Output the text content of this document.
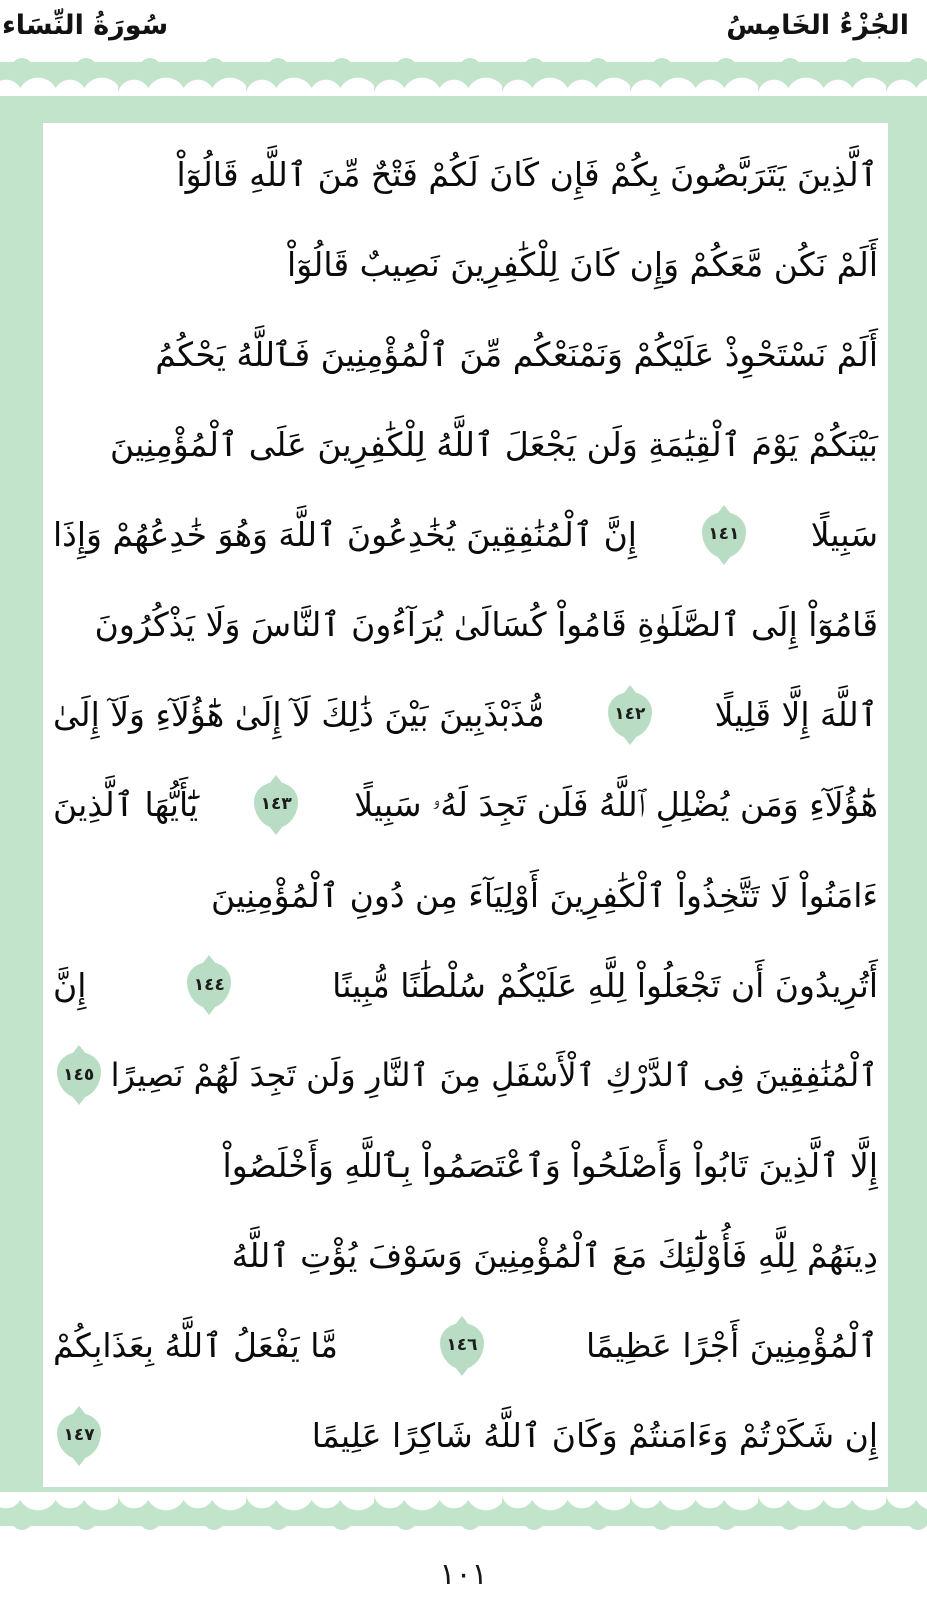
الجُزْءُ الخَامِسُ
سُورَةُ النِّسَاء
ٱلَّذِينَ يَتَرَبَّصُونَ بِكُمْ فَإِن كَانَ لَكُمْ فَتْحٌ مِّنَ ٱللَّهِ قَالُوٓاْ
أَلَمْ نَكُن مَّعَكُمْ وَإِن كَانَ لِلْكَٰفِرِينَ نَصِيبٌ قَالُوٓاْ
أَلَمْ نَسْتَحْوِذْ عَلَيْكُمْ وَنَمْنَعْكُم مِّنَ ٱلْمُؤْمِنِينَ فَٱللَّهُ يَحْكُمُ
بَيْنَكُمْ يَوْمَ ٱلْقِيَٰمَةِ وَلَن يَجْعَلَ ٱللَّهُ لِلْكَٰفِرِينَ عَلَى ٱلْمُؤْمِنِينَ
سَبِيلًا
١٤١
إِنَّ ٱلْمُنَٰفِقِينَ يُخَٰدِعُونَ ٱللَّهَ وَهُوَ خَٰدِعُهُمْ وَإِذَا
قَامُوٓاْ إِلَى ٱلصَّلَوٰةِ قَامُواْ كُسَالَىٰ يُرَآءُونَ ٱلنَّاسَ وَلَا يَذْكُرُونَ
ٱللَّهَ إِلَّا قَلِيلًا
١٤٢
مُّذَبْذَبِينَ بَيْنَ ذَٰلِكَ لَآ إِلَىٰ هَٰٓؤُلَآءِ وَلَآ إِلَىٰ
هَٰٓؤُلَآءِ وَمَن يُضْلِلِ ٱللَّهُ فَلَن تَجِدَ لَهُۥ سَبِيلًا
١٤٣
يَٰٓأَيُّهَا ٱلَّذِينَ
ءَامَنُواْ لَا تَتَّخِذُواْ ٱلْكَٰفِرِينَ أَوْلِيَآءَ مِن دُونِ ٱلْمُؤْمِنِينَ
أَتُرِيدُونَ أَن تَجْعَلُواْ لِلَّهِ عَلَيْكُمْ سُلْطَٰنًا مُّبِينًا
١٤٤
إِنَّ
ٱلْمُنَٰفِقِينَ فِى ٱلدَّرْكِ ٱلْأَسْفَلِ مِنَ ٱلنَّارِ وَلَن تَجِدَ لَهُمْ نَصِيرًا
١٤٥
إِلَّا ٱلَّذِينَ تَابُواْ وَأَصْلَحُواْ وَٱعْتَصَمُواْ بِٱللَّهِ وَأَخْلَصُواْ
دِينَهُمْ لِلَّهِ فَأُوْلَٰٓئِكَ مَعَ ٱلْمُؤْمِنِينَ وَسَوْفَ يُؤْتِ ٱللَّهُ
ٱلْمُؤْمِنِينَ أَجْرًا عَظِيمًا
١٤٦
مَّا يَفْعَلُ ٱللَّهُ بِعَذَابِكُمْ
إِن شَكَرْتُمْ وَءَامَنتُمْ وَكَانَ ٱللَّهُ شَاكِرًا عَلِيمًا
١٤٧
١٠١
